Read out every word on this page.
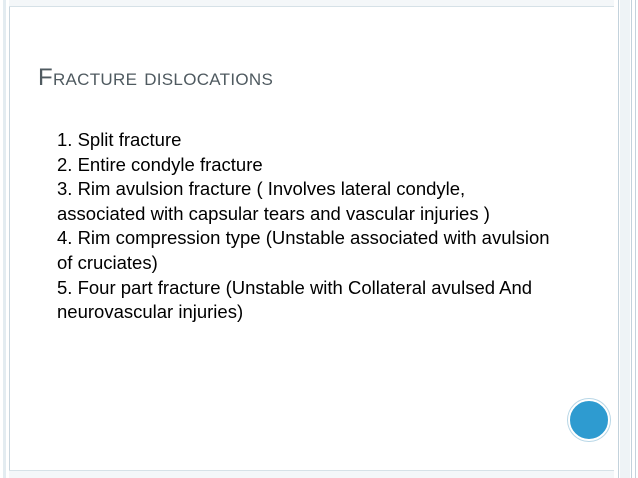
Fracture dislocations
1. Split fracture
2. Entire condyle fracture
3. Rim avulsion fracture ( Involves lateral condyle, associated with capsular tears and vascular injuries )
4. Rim compression type (Unstable associated with avulsion of cruciates)
5. Four part fracture (Unstable with Collateral avulsed And neurovascular injuries)
